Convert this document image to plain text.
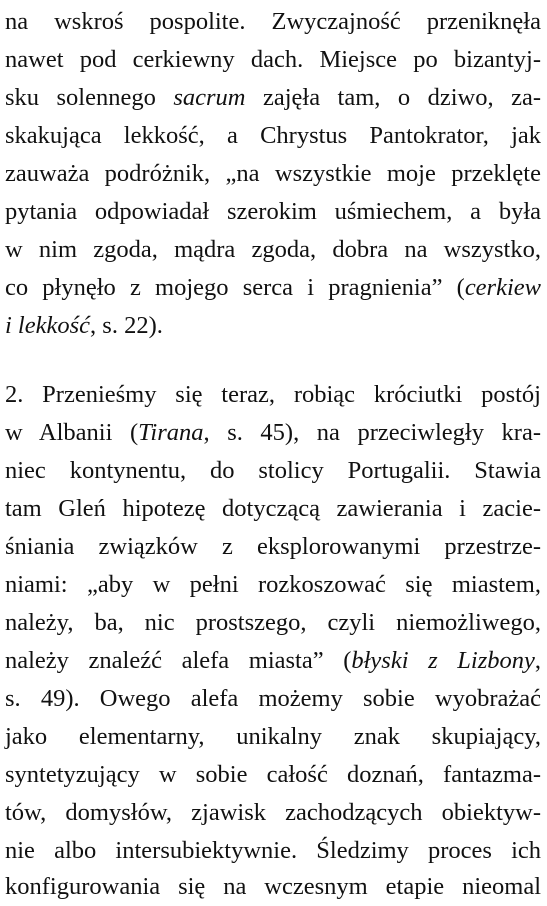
na wskroś pospolite. Zwyczajność przeniknęła
nawet pod cerkiewny dach. Miejsce po bizantyj-
sku solennego sacrum zajęła tam, o dziwo, za-
skakująca lekkość, a Chrystus Pantokrator, jak
zauważa podróżnik, „na wszystkie moje przeklęte
pytania odpowiadał szerokim uśmiechem, a była
w nim zgoda, mądra zgoda, dobra na wszystko,
co płynęło z mojego serca i pragnienia” (cerkiew
i lekkość, s. 22).
2. Przenieśmy się teraz, robiąc króciutki postój
w Albanii (Tirana, s. 45), na przeciwległy kra-
niec kontynentu, do stolicy Portugalii. Stawia
tam Gleń hipotezę dotyczącą zawierania i zacie-
śniania związków z eksplorowanymi przestrze-
niami: „aby w pełni rozkoszować się miastem,
należy, ba, nic prostszego, czyli niemożliwego,
należy znaleźć alefa miasta” (błyski z Lizbony,
s. 49). Owego alefa możemy sobie wyobrażać
jako elementarny, unikalny znak skupiający,
syntetyzujący w sobie całość doznań, fantazma-
tów, domysłów, zjawisk zachodzących obiektyw-
nie albo intersubiektywnie. Śledzimy proces ich
konfigurowania się na wczesnym etapie nieomal
